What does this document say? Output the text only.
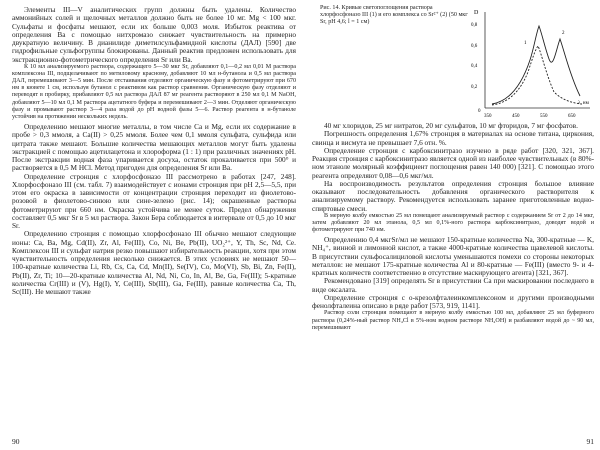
Элементы III—V аналитических групп должны быть удалены. Количество аммонийных солей и щелочных металлов должно быть не более 10 мг. Mg < 100 мкг. Сульфаты и фосфаты мешают, если их больше 0,003 моля. Избыток реактива от определения Ва с помощью нитхромазо снижает чувствительность на примерно двукратную величину. В дианилиде диметилсульфамидной кислоты (ДАЛ) [590] две гидрофильные сульфогруппы блокированы. Данный реактив предложен использовать для экстракционно-фотометрического определения Sr или Ва.

К 10 мл анализируемого раствора, содержащего 5—30 мкг Sr, добавляют 0,1—0,2 мл 0,01 М раствора комплексона III, подщелачивают по метиловому красному, добавляют 10 мл н-бутанола и 0,5 мл раствора ДАЛ, перемешивают 3—5 мин. После отстаивания отделяют органическую фазу и фотометрируют при 670 нм в кювете 1 см, используя бутанол с реактивом как раствор сравнения. Органическую фазу отделяют и переводят в пробирку, прибавляют 0,5 мл раствора ДАЛ 87 мг реагента растворяют в 250 мл 0,1 М NaOH, добавляют 5—10 мл 0,1 М раствора ацетатного буфера и перемешивают 2—3 мин. Отделяют органическую фазу и промывают раствор 3—4 раза водой до рН водной фазы 5—6. Раствор реагента в н-бутаноле устойчив на протяжении нескольких недель.

Определению мешают многие металлы, в том числе Са и Mg, если их содержание в пробе > 0,3 ммоля, а Ca(II) > 0,25 ммоля. Более чем 0,1 ммоля сульфата, сульфида или цитрата также мешают. Большие количества мешающих металлов могут быть удалены экстракцией с помощью ацетилацетона и хлороформа (1 : 1) при различных значениях рН. После экстракции водная фаза упаривается досуха, остаток прокаливается при 500° и растворяется в 0,5 М HCl. Метод пригоден для определения Sr или Ва.

Определение стронция с хлорфосфоназо III рассмотрено в работах [247, 248]. Хлорфосфоназо III (см. табл. 7) взаимодействует с ионами стронция при рН 2,5—5,5, при этом его окраска в зависимости от концентрации стронция переходит из фиолетово-розовой в фиолетово-синюю или сине-зелено (рис. 14); окрашенные растворы фотометрируют при 660 нм. Окраска устойчива не менее суток. Предел обнаружения составляет 0,5 мкг Sr в 5 мл раствора. Закон Бера соблюдается в интервале от 0,5 до 10 мкг Sr.

Определению стронция с помощью хлорфосфоназо III обычно мешают следующие ионы: Са, Ва, Mg, Cd(II), Zr, Al, Fe(III), Co, Ni, Be, Pb(II), UO₂²⁺, Y, Th, Sc, Nd, Ce. Комплексон III и сульфат натрия резко повышают избирательность реакции, хотя при этом чувствительность определения несколько снижается. В этих условиях не мешают 50—100-кратные количества Li, Rb, Cs, Ca, Cd, Mn(II), Se(IV), Co, Mo(VI), Sb, Bi, Zn, Fe(II), Pb(II), Zr, Ti; 10—20-кратные количества Al, Nd, Ni, Co, In, Al, Be, Ga, Fe(III); 5-кратные количества Cr(III) и (V), Hg(I), Y, Ce(III), Sb(III), Ga, Fe(III), равные количества Са, Th, Sc(III). Не мешают также

90
Рис. 14. Кривые светопоглощения раствора хлорфосфоназо III (1) и его комплекса со Sr²⁺ (2) (50 мкг Sr, рН 4,6; l = 1 см)
D
0,8
0,6
0,4
0,2
0
350	450	550	650
λ, нм
1
2

40 мг хлоридов, 25 мг нитратов, 20 мг сульфатов, 10 мг фторидов, 7 мг фосфатов.

Погрешность определения 1,67% стронция в материалах на основе титана, циркония, свинца и висмута не превышает 7,6 отн. %.

Определение стронция с карбоксинитразо изучено в ряде работ [320, 321, 367]. Реакция стронция с карбоксинитразо является одной из наиболее чувствительных (в 80%-ном этаноле молярный коэффициент поглощения равен 140 000) [321]. С помощью этого реагента определяют 0,08—0,6 мкг/мл.

На воспроизводимость результатов определения стронция большое влияние оказывают последовательность добавления органического растворителя к анализируемому раствору. Рекомендуется использовать заранее приготовленные водно-спиртовые смеси.

В мерную колбу емкостью 25 мл помещают анализируемый раствор с содержанием Sr от 2 до 14 мкг, затем добавляют 20 мл этанола, 0,5 мл 0,1%-ного раствора карбоксинитразо, доводят водой и фотометрируют при 740 нм.

Определению 0,4 мкгSr/мл не мешают 150-кратные количества Na, 300-кратные — K, NH₄⁺, винной и лимонной кислот, а также 4000-кратные количества щавелевой кислоты. В присутствии сульфосалициловой кислоты уменьшаются помехи со стороны некоторых металлов: не мешают 175-кратные количества Al и 80-кратные — Fe(III) (вместо 9- и 4-кратных количеств соответственно в отсутствие маскирующего агента) [321, 367].

Рекомендовано [319] определять Sr в присутствии Са при маскировании последнего в виде оксалата.

Определение стронция с о-крезолфталеинкомплексоном и другими производными фенолфталеина описано в ряде работ [573, 919, 1141].

Раствор соли стронция помещают в мерную колбу емкостью 100 мл, добавляют 25 мл буферного раствора (0,24%-ный раствор NH₄Cl в 5%-ном водном растворе NH₄OH) и разбавляют водой до ~ 90 мл, перемешивают

91
